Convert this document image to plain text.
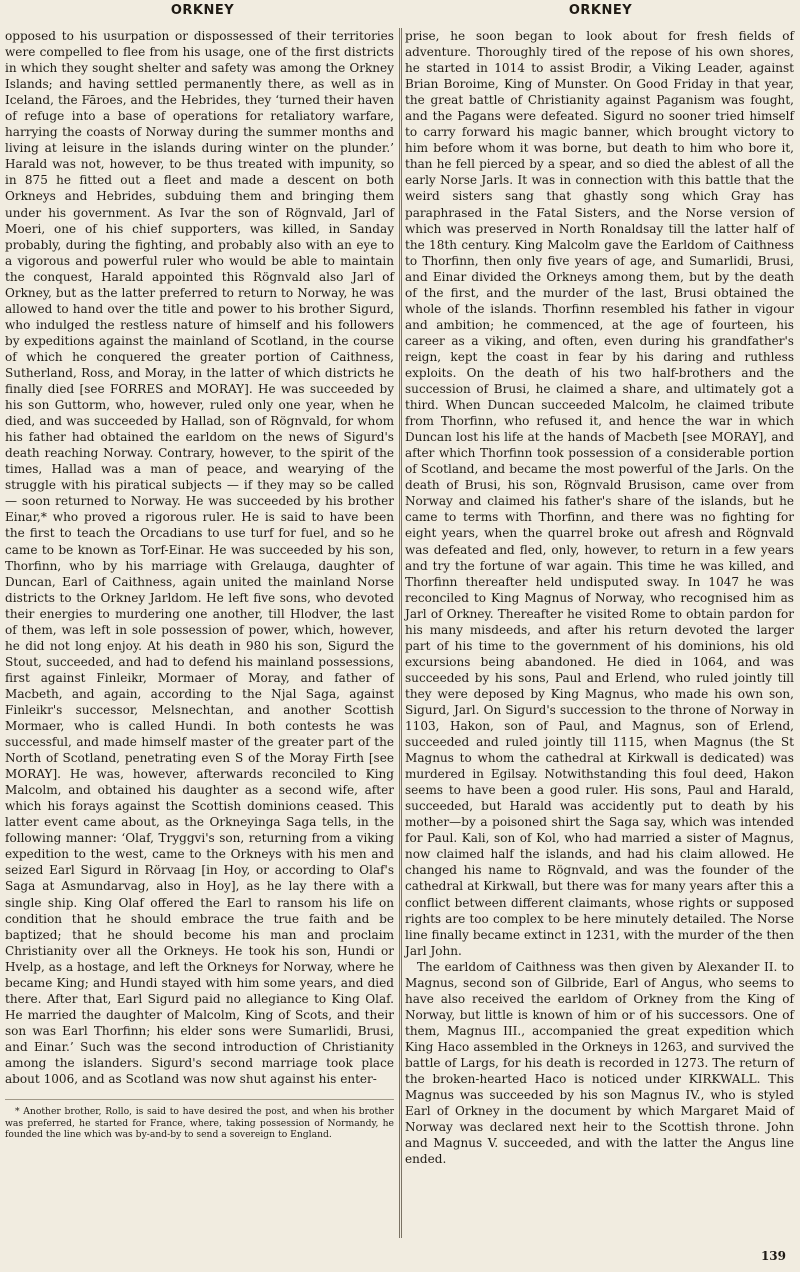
ORKNEY	ORKNEY

opposed to his usurpation or dispossessed of their territories were compelled to flee from his usage, one of the first districts in which they sought shelter and safety was among the Orkney Islands; and having settled permanently there, as well as in Iceland, the Fāroes, and the Hebrides, they ‘turned their haven of refuge into a base of operations for retaliatory warfare, harrying the coasts of Norway during the summer months and living at leisure in the islands during winter on the plunder.’ Harald was not, however, to be thus treated with impunity, so in 875 he fitted out a fleet and made a descent on both Orkneys and Hebrides, subduing them and bringing them under his government. As Ivar the son of Rögnvald, Jarl of Moeri, one of his chief supporters, was killed, in Sanday probably, during the fighting, and probably also with an eye to a vigorous and powerful ruler who would be able to maintain the conquest, Harald appointed this Rögnvald also Jarl of Orkney, but as the latter preferred to return to Norway, he was allowed to hand over the title and power to his brother Sigurd, who indulged the restless nature of himself and his followers by expeditions against the mainland of Scotland, in the course of which he conquered the greater portion of Caithness, Sutherland, Ross, and Moray, in the latter of which districts he finally died [see FORRES and MORAY]. He was succeeded by his son Guttorm, who, however, ruled only one year, when he died, and was succeeded by Hallad, son of Rögnvald, for whom his father had obtained the earldom on the news of Sigurd's death reaching Norway. Contrary, however, to the spirit of the times, Hallad was a man of peace, and wearying of the struggle with his piratical subjects — if they may so be called — soon returned to Norway. He was succeeded by his brother Einar,* who proved a rigorous ruler. He is said to have been the first to teach the Orcadians to use turf for fuel, and so he came to be known as Torf-Einar. He was succeeded by his son, Thorfinn, who by his marriage with Grelauga, daughter of Duncan, Earl of Caithness, again united the mainland Norse districts to the Orkney Jarldom. He left five sons, who devoted their energies to murdering one another, till Hlodver, the last of them, was left in sole possession of power, which, however, he did not long enjoy. At his death in 980 his son, Sigurd the Stout, succeeded, and had to defend his mainland possessions, first against Finleikr, Mormaer of Moray, and father of Macbeth, and again, according to the Njal Saga, against Finleikr's successor, Melsnechtan, and another Scottish Mormaer, who is called Hundi. In both contests he was successful, and made himself master of the greater part of the North of Scotland, penetrating even S of the Moray Firth [see MORAY]. He was, however, afterwards reconciled to King Malcolm, and obtained his daughter as a second wife, after which his forays against the Scottish dominions ceased. This latter event came about, as the Orkneyinga Saga tells, in the following manner: ‘Olaf, Tryggvi's son, returning from a viking expedition to the west, came to the Orkneys with his men and seized Earl Sigurd in Rörvaag [in Hoy, or according to Olaf's Saga at Asmundarvag, also in Hoy], as he lay there with a single ship. King Olaf offered the Earl to ransom his life on condition that he should embrace the true faith and be baptized; that he should become his man and proclaim Christianity over all the Orkneys. He took his son, Hundi or Hvelp, as a hostage, and left the Orkneys for Norway, where he became King; and Hundi stayed with him some years, and died there. After that, Earl Sigurd paid no allegiance to King Olaf. He married the daughter of Malcolm, King of Scots, and their son was Earl Thorfinn; his elder sons were Sumarlidi, Brusi, and Einar.’ Such was the second introduction of Christianity among the islanders. Sigurd's second marriage took place about 1006, and as Scotland was now shut against his enter-

* Another brother, Rollo, is said to have desired the post, and when his brother was preferred, he started for France, where, taking possession of Normandy, he founded the line which was by-and-by to send a sovereign to England.

prise, he soon began to look about for fresh fields of adventure. Thoroughly tired of the repose of his own shores, he started in 1014 to assist Brodir, a Viking Leader, against Brian Boroime, King of Munster. On Good Friday in that year, the great battle of Christianity against Paganism was fought, and the Pagans were defeated. Sigurd no sooner tried himself to carry forward his magic banner, which brought victory to him before whom it was borne, but death to him who bore it, than he fell pierced by a spear, and so died the ablest of all the early Norse Jarls. It was in connection with this battle that the weird sisters sang that ghastly song which Gray has paraphrased in the Fatal Sisters, and the Norse version of which was preserved in North Ronaldsay till the latter half of the 18th century. King Malcolm gave the Earldom of Caithness to Thorfinn, then only five years of age, and Sumarlidi, Brusi, and Einar divided the Orkneys among them, but by the death of the first, and the murder of the last, Brusi obtained the whole of the islands. Thorfinn resembled his father in vigour and ambition; he commenced, at the age of fourteen, his career as a viking, and often, even during his grandfather's reign, kept the coast in fear by his daring and ruthless exploits. On the death of his two half-brothers and the succession of Brusi, he claimed a share, and ultimately got a third. When Duncan succeeded Malcolm, he claimed tribute from Thorfinn, who refused it, and hence the war in which Duncan lost his life at the hands of Macbeth [see MORAY], and after which Thorfinn took possession of a considerable portion of Scotland, and became the most powerful of the Jarls. On the death of Brusi, his son, Rögnvald Brusison, came over from Norway and claimed his father's share of the islands, but he came to terms with Thorfinn, and there was no fighting for eight years, when the quarrel broke out afresh and Rögnvald was defeated and fled, only, however, to return in a few years and try the fortune of war again. This time he was killed, and Thorfinn thereafter held undisputed sway. In 1047 he was reconciled to King Magnus of Norway, who recognised him as Jarl of Orkney. Thereafter he visited Rome to obtain pardon for his many misdeeds, and after his return devoted the larger part of his time to the government of his dominions, his old excursions being abandoned. He died in 1064, and was succeeded by his sons, Paul and Erlend, who ruled jointly till they were deposed by King Magnus, who made his own son, Sigurd, Jarl. On Sigurd's succession to the throne of Norway in 1103, Hakon, son of Paul, and Magnus, son of Erlend, succeeded and ruled jointly till 1115, when Magnus (the St Magnus to whom the cathedral at Kirkwall is dedicated) was murdered in Egilsay. Notwithstanding this foul deed, Hakon seems to have been a good ruler. His sons, Paul and Harald, succeeded, but Harald was accidently put to death by his mother—by a poisoned shirt the Saga say, which was intended for Paul. Kali, son of Kol, who had married a sister of Magnus, now claimed half the islands, and had his claim allowed. He changed his name to Rögnvald, and was the founder of the cathedral at Kirkwall, but there was for many years after this a conflict between different claimants, whose rights or supposed rights are too complex to be here minutely detailed. The Norse line finally became extinct in 1231, with the murder of the then Jarl John.

The earldom of Caithness was then given by Alexander II. to Magnus, second son of Gilbride, Earl of Angus, who seems to have also received the earldom of Orkney from the King of Norway, but little is known of him or of his successors. One of them, Magnus III., accompanied the great expedition which King Haco assembled in the Orkneys in 1263, and survived the battle of Largs, for his death is recorded in 1273. The return of the broken-hearted Haco is noticed under KIRKWALL. This Magnus was succeeded by his son Magnus IV., who is styled Earl of Orkney in the document by which Margaret Maid of Norway was declared next heir to the Scottish throne. John and Magnus V. succeeded, and with the latter the Angus line ended.

139
